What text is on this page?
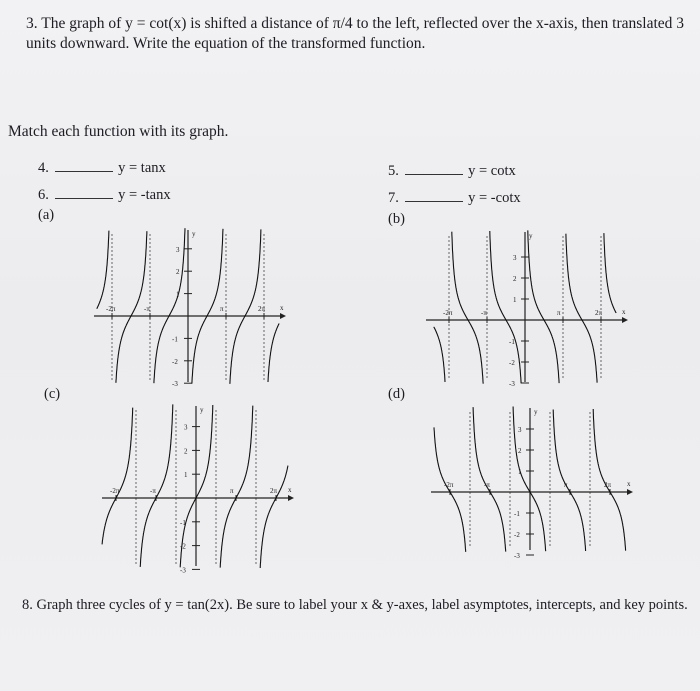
3. The graph of y = cot(x) is shifted a distance of π/4 to the left, reflected over the x-axis, then translated 3 units downward. Write the equation of the transformed function.
Match each function with its graph.
4.	y = tanx
6.	y = -tanx
5.	y = cotx
7.	y = -cotx
(a)	(b)
(c)	(d)
3
2
1
-1
-2
-3
-2π	-π	π	2π x
y
3
2
1
-1
-2
-3
-2π	-π	π	2π	x
y
3
2
1
-1
-2
-3
-2π	-π	π	2π x
y
3
2
1
-1
-2
-3
-2π	-π	π	2π x
y
8. Graph three cycles of y = tan(2x). Be sure to label your x & y-axes, label asymptotes, intercepts, and key points.
